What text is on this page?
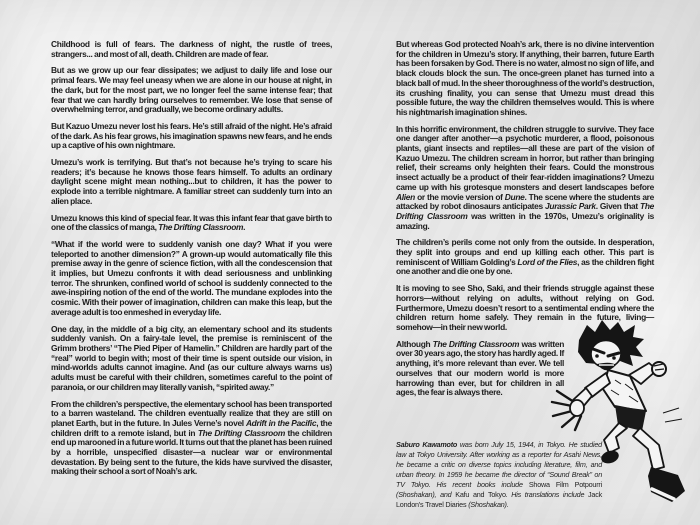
Childhood is full of fears. The darkness of night, the rustle of trees, strangers... and most of all, death. Children are made of fear.

But as we grow up our fear dissipates; we adjust to daily life and lose our primal fears. We may feel uneasy when we are alone in our house at night, in the dark, but for the most part, we no longer feel the same intense fear; that fear that we can hardly bring ourselves to remember. We lose that sense of overwhelming terror, and gradually, we become ordinary adults.

But Kazuo Umezu never lost his fears. He’s still afraid of the night. He’s afraid of the dark. As his fear grows, his imagination spawns new fears, and he ends up a captive of his own nightmare.

Umezu’s work is terrifying. But that’s not because he’s trying to scare his readers; it’s because he knows those fears himself. To adults an ordinary daylight scene might mean nothing...but to children, it has the power to explode into a terrible nightmare. A familiar street can suddenly turn into an alien place.

Umezu knows this kind of special fear. It was this infant fear that gave birth to one of the classics of manga, The Drifting Classroom.

“What if the world were to suddenly vanish one day? What if you were teleported to another dimension?” A grown-up would automatically file this premise away in the genre of science fiction, with all the condescension that it implies, but Umezu confronts it with dead seriousness and unblinking terror. The shrunken, confined world of school is suddenly connected to the awe-inspiring notion of the end of the world. The mundane explodes into the cosmic. With their power of imagination, children can make this leap, but the average adult is too enmeshed in everyday life.

One day, in the middle of a big city, an elementary school and its students suddenly vanish. On a fairy-tale level, the premise is reminiscent of the Grimm brothers’ “The Pied Piper of Hamelin.” Children are hardly part of the “real” world to begin with; most of their time is spent outside our vision, in mind-worlds adults cannot imagine. And (as our culture always warns us) adults must be careful with their children, sometimes careful to the point of paranoia, or our children may literally vanish, “spirited away.”

From the children’s perspective, the elementary school has been transported to a barren wasteland. The children eventually realize that they are still on planet Earth, but in the future. In Jules Verne’s novel Adrift in the Pacific, the children drift to a remote island, but in The Drifting Classroom the children end up marooned in a future world. It turns out that the planet has been ruined by a horrible, unspecified disaster—a nuclear war or environmental devastation. By being sent to the future, the kids have survived the disaster, making their school a sort of Noah’s ark.

But whereas God protected Noah’s ark, there is no divine intervention for the children in Umezu’s story. If anything, their barren, future Earth has been forsaken by God. There is no water, almost no sign of life, and black clouds block the sun. The once-green planet has turned into a black ball of mud. In the sheer thoroughness of the world’s destruction, its crushing finality, you can sense that Umezu must dread this possible future, the way the children themselves would. This is where his nightmarish imagination shines.

In this horrific environment, the children struggle to survive. They face one danger after another—a psychotic murderer, a flood, poisonous plants, giant insects and reptiles—all these are part of the vision of Kazuo Umezu. The children scream in horror, but rather than bringing relief, their screams only heighten their fears. Could the monstrous insect actually be a product of their fear-ridden imaginations? Umezu came up with his grotesque monsters and desert landscapes before Alien or the movie version of Dune. The scene where the students are attacked by robot dinosaurs anticipates Jurassic Park. Given that The Drifting Classroom was written in the 1970s, Umezu’s originality is amazing.

The children’s perils come not only from the outside. In desperation, they split into groups and end up killing each other. This part is reminiscent of William Golding’s Lord of the Flies, as the children fight one another and die one by one.

It is moving to see Sho, Saki, and their friends struggle against these horrors—without relying on adults, without relying on God. Furthermore, Umezu doesn’t resort to a sentimental ending where the children return home safely. They remain in the future, living—somehow—in their new world.

Although The Drifting Classroom was written over 30 years ago, the story has hardly aged. If anything, it’s more relevant than ever. We tell ourselves that our modern world is more harrowing than ever, but for children in all ages, the fear is always there.

Saburo Kawamoto was born July 15, 1944, in Tokyo. He studied law at Tokyo University. After working as a reporter for Asahi News, he became a critic on diverse topics including literature, film, and urban theory. In 1959 he became the director of “Sound Break” on TV Tokyo. His recent books include Showa Film Potpourri (Shoshakan), and Kafu and Tokyo. His translations include Jack London’s Travel Diaries (Shoshakan).
